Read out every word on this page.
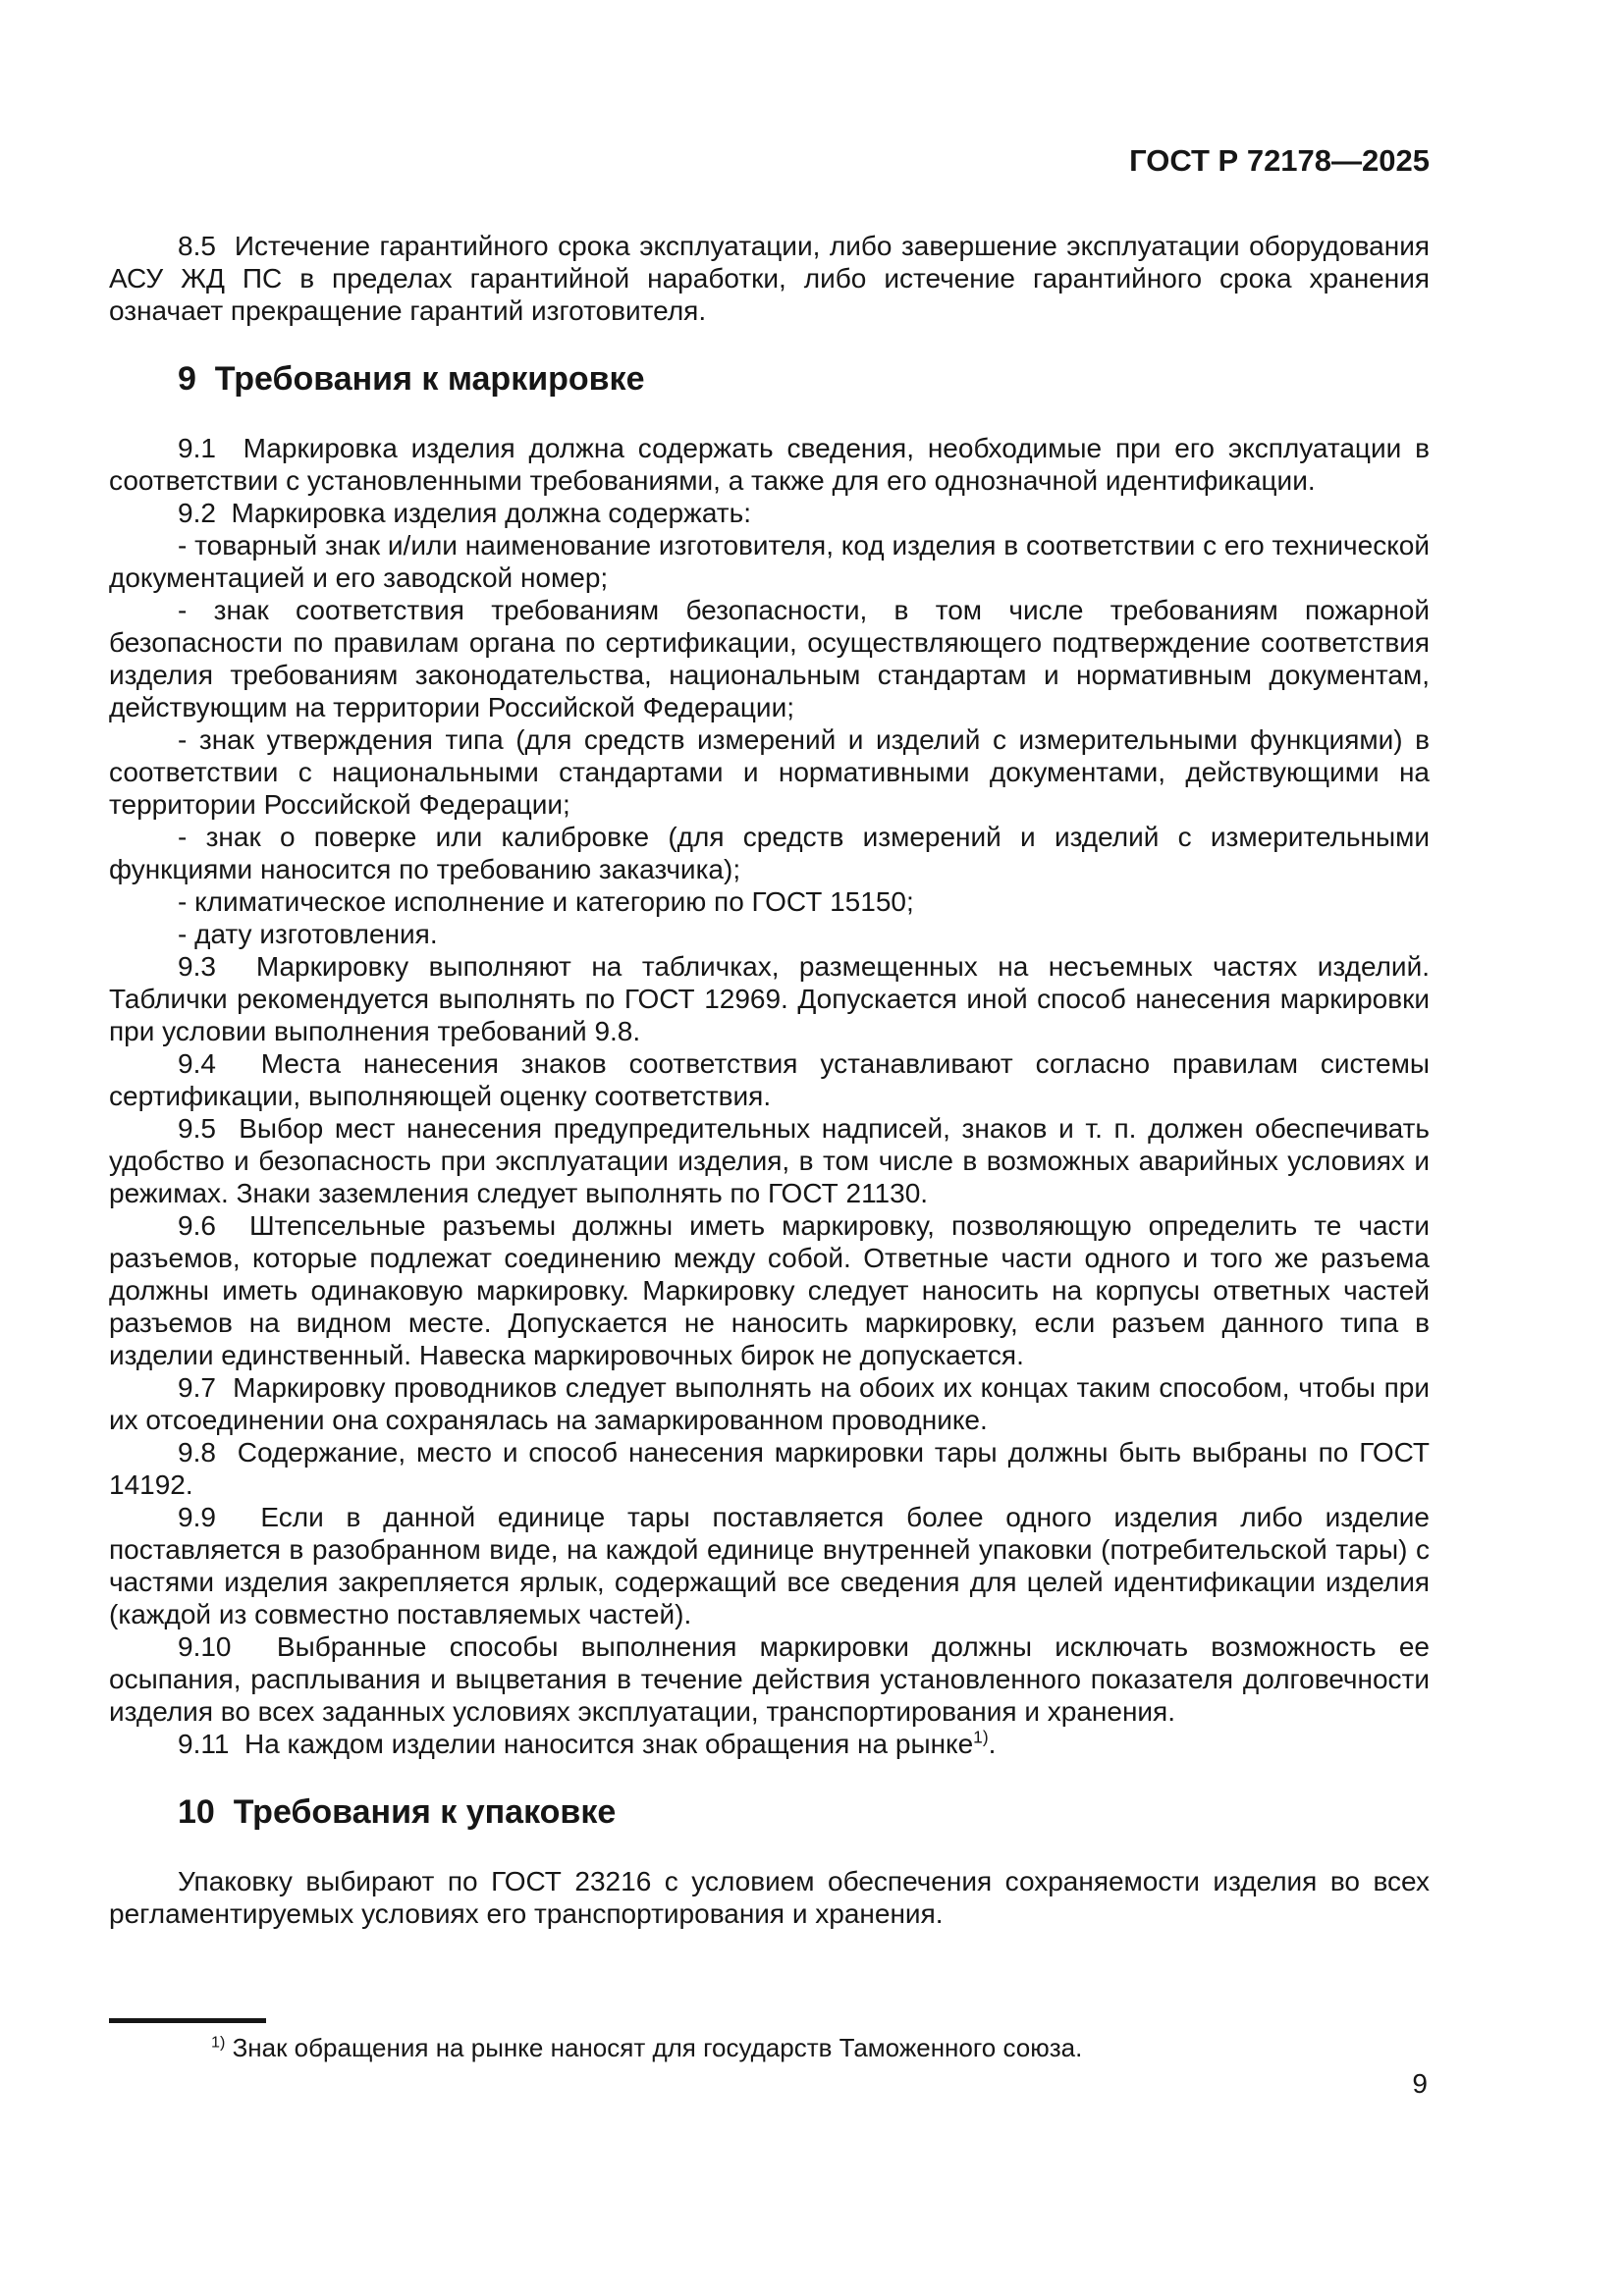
ГОСТ Р 72178—2025

8.5  Истечение гарантийного срока эксплуатации, либо завершение эксплуатации оборудования АСУ ЖД ПС в пределах гарантийной наработки, либо истечение гарантийного срока хранения означает прекращение гарантий изготовителя.

9  Требования к маркировке

9.1  Маркировка изделия должна содержать сведения, необходимые при его эксплуатации в соответствии с установленными требованиями, а также для его однозначной идентификации.

9.2  Маркировка изделия должна содержать:

- товарный знак и/или наименование изготовителя, код изделия в соответствии с его технической документацией и его заводской номер;

- знак соответствия требованиям безопасности, в том числе требованиям пожарной безопасности по правилам органа по сертификации, осуществляющего подтверждение соответствия изделия требованиям законодательства, национальным стандартам и нормативным документам, действующим на территории Российской Федерации;

- знак утверждения типа (для средств измерений и изделий с измерительными функциями) в соответствии с национальными стандартами и нормативными документами, действующими на территории Российской Федерации;

- знак о поверке или калибровке (для средств измерений и изделий с измерительными функциями наносится по требованию заказчика);

- климатическое исполнение и категорию по ГОСТ 15150;

- дату изготовления.

9.3  Маркировку выполняют на табличках, размещенных на несъемных частях изделий. Таблички рекомендуется выполнять по ГОСТ 12969. Допускается иной способ нанесения маркировки при условии выполнения требований 9.8.

9.4  Места нанесения знаков соответствия устанавливают согласно правилам системы сертификации, выполняющей оценку соответствия.

9.5  Выбор мест нанесения предупредительных надписей, знаков и т. п. должен обеспечивать удобство и безопасность при эксплуатации изделия, в том числе в возможных аварийных условиях и режимах. Знаки заземления следует выполнять по ГОСТ 21130.

9.6  Штепсельные разъемы должны иметь маркировку, позволяющую определить те части разъемов, которые подлежат соединению между собой. Ответные части одного и того же разъема должны иметь одинаковую маркировку. Маркировку следует наносить на корпусы ответных частей разъемов на видном месте. Допускается не наносить маркировку, если разъем данного типа в изделии единственный. Навеска маркировочных бирок не допускается.

9.7  Маркировку проводников следует выполнять на обоих их концах таким способом, чтобы при их отсоединении она сохранялась на замаркированном проводнике.

9.8  Содержание, место и способ нанесения маркировки тары должны быть выбраны по ГОСТ 14192.

9.9  Если в данной единице тары поставляется более одного изделия либо изделие поставляется в разобранном виде, на каждой единице внутренней упаковки (потребительской тары) с частями изделия закрепляется ярлык, содержащий все сведения для целей идентификации изделия (каждой из совместно поставляемых частей).

9.10  Выбранные способы выполнения маркировки должны исключать возможность ее осыпания, расплывания и выцветания в течение действия установленного показателя долговечности изделия во всех заданных условиях эксплуатации, транспортирования и хранения.

9.11  На каждом изделии наносится знак обращения на рынке$^{1)}$.

10  Требования к упаковке

Упаковку выбирают по ГОСТ 23216 с условием обеспечения сохраняемости изделия во всех регламентируемых условиях его транспортирования и хранения.

$^{1)}$ Знак обращения на рынке наносят для государств Таможенного союза.

9
